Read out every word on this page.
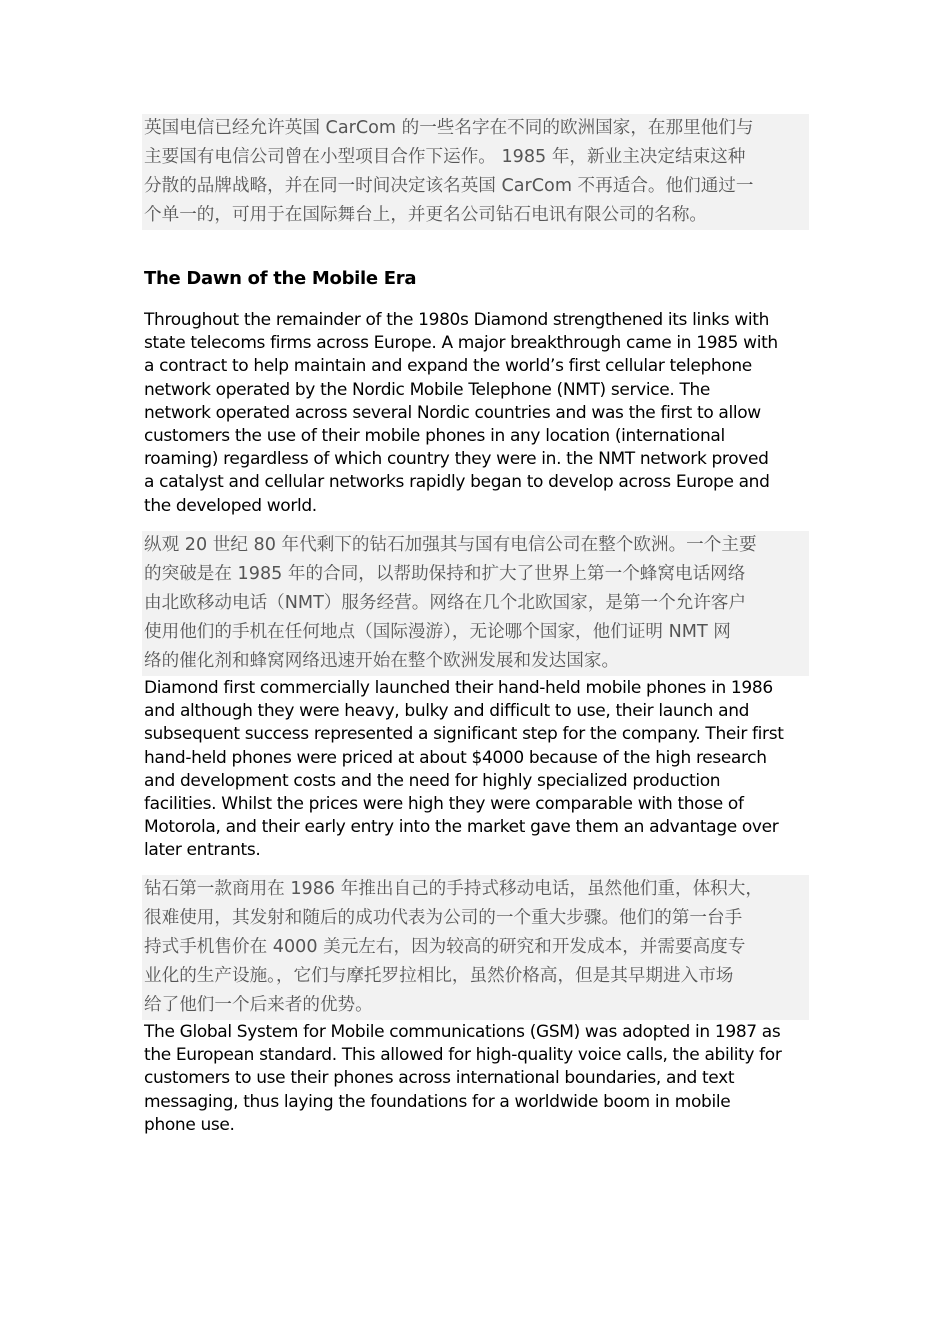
英国电信已经允许英国 CarCom 的一些名字在不同的欧洲国家，在那里他们与
主要国有电信公司曾在小型项目合作下运作。 1985 年，新业主决定结束这种
分散的品牌战略，并在同一时间决定该名英国 CarCom 不再适合。他们通过一
个单一的，可用于在国际舞台上，并更名公司钻石电讯有限公司的名称。
The Dawn of the Mobile Era
Throughout the remainder of the 1980s Diamond strengthened its links with
state telecoms firms across Europe. A major breakthrough came in 1985 with
a contract to help maintain and expand the world’s first cellular telephone
network operated by the Nordic Mobile Telephone (NMT) service. The
network operated across several Nordic countries and was the first to allow
customers the use of their mobile phones in any location (international
roaming) regardless of which country they were in. the NMT network proved
a catalyst and cellular networks rapidly began to develop across Europe and
the developed world.
纵观 20 世纪 80 年代剩下的钻石加强其与国有电信公司在整个欧洲。一个主要
的突破是在 1985 年的合同，以帮助保持和扩大了世界上第一个蜂窝电话网络
由北欧移动电话（NMT）服务经营。网络在几个北欧国家，是第一个允许客户
使用他们的手机在任何地点（国际漫游），无论哪个国家，他们证明 NMT 网
络的催化剂和蜂窝网络迅速开始在整个欧洲发展和发达国家。
Diamond first commercially launched their hand-held mobile phones in 1986
and although they were heavy, bulky and difficult to use, their launch and
subsequent success represented a significant step for the company. Their first
hand-held phones were priced at about $4000 because of the high research
and development costs and the need for highly specialized production
facilities. Whilst the prices were high they were comparable with those of
Motorola, and their early entry into the market gave them an advantage over
later entrants.
钻石第一款商用在 1986 年推出自己的手持式移动电话，虽然他们重，体积大，
很难使用，其发射和随后的成功代表为公司的一个重大步骤。他们的第一台手
持式手机售价在 4000 美元左右，因为较高的研究和开发成本，并需要高度专
业化的生产设施。，它们与摩托罗拉相比，虽然价格高，但是其早期进入市场
给了他们一个后来者的优势。
The Global System for Mobile communications (GSM) was adopted in 1987 as
the European standard. This allowed for high-quality voice calls, the ability for
customers to use their phones across international boundaries, and text
messaging, thus laying the foundations for a worldwide boom in mobile
phone use.
